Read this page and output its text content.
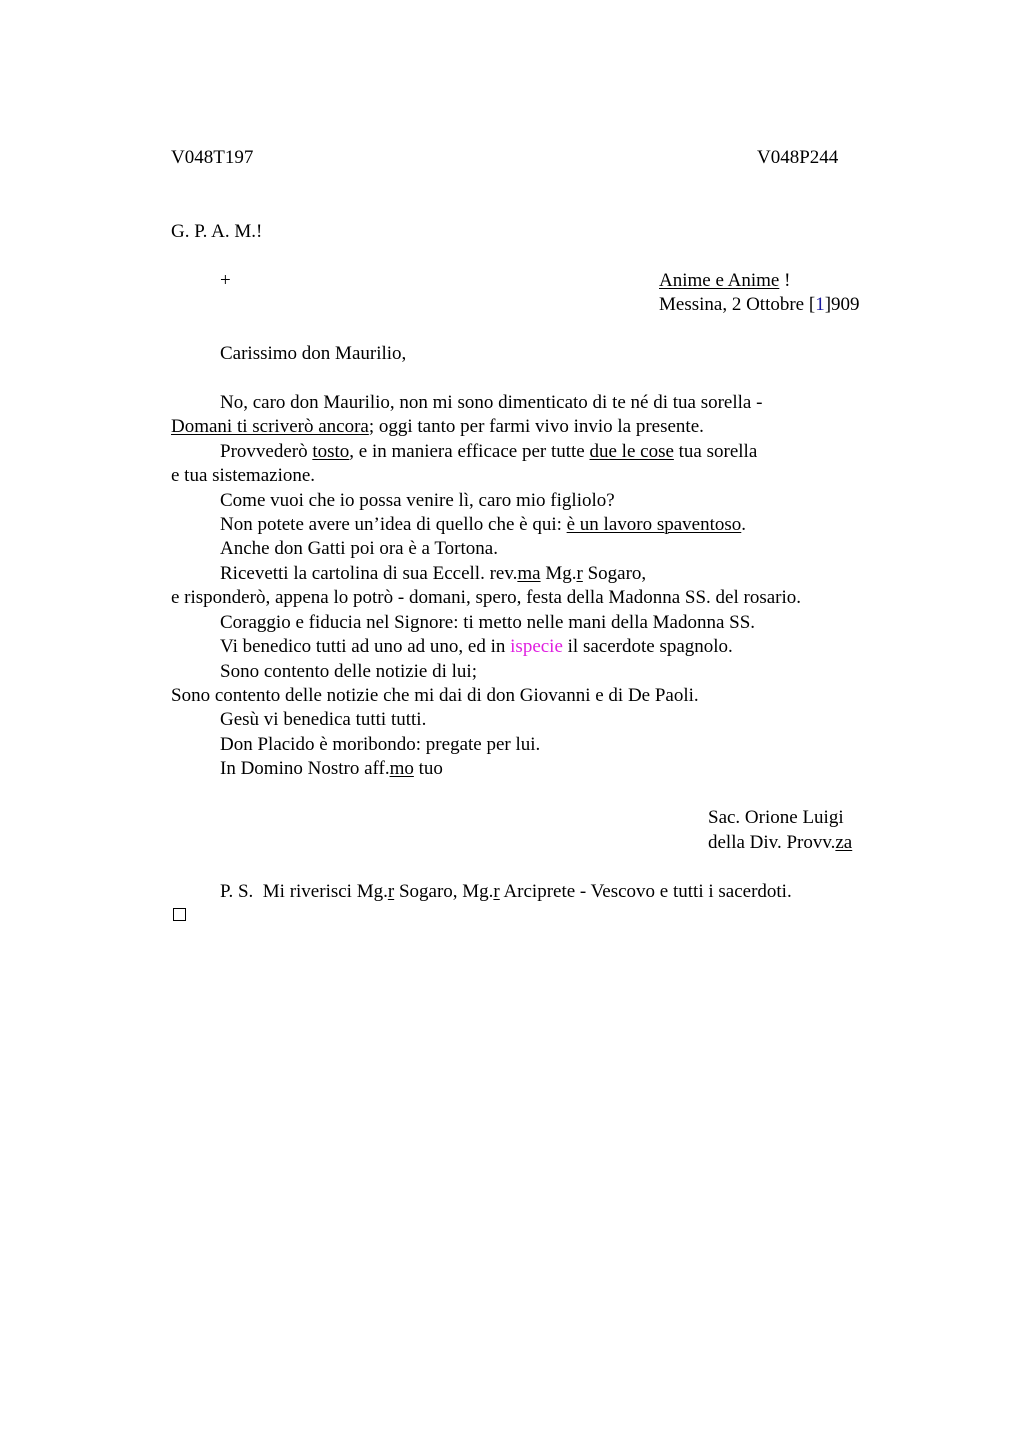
V048T197	V048P244
G. P. A. M.!
+	Anime e Anime !
Messina, 2 Ottobre [1]909
Carissimo don Maurilio,
No, caro don Maurilio, non mi sono dimenticato di te né di tua sorella -
Domani ti scriverò ancora; oggi tanto per farmi vivo invio la presente.
Provvederò tosto, e in maniera efficace per tutte due le cose tua sorella
e tua sistemazione.
Come vuoi che io possa venire lì, caro mio figliolo?
Non potete avere un’idea di quello che è qui: è un lavoro spaventoso.
Anche don Gatti poi ora è a Tortona.
Ricevetti la cartolina di sua Eccell. rev.ma Mg.r Sogaro,
e risponderò, appena lo potrò - domani, spero, festa della Madonna SS. del rosario.
Coraggio e fiducia nel Signore: ti metto nelle mani della Madonna SS.
Vi benedico tutti ad uno ad uno, ed in ispecie il sacerdote spagnolo.
Sono contento delle notizie di lui;
Sono contento delle notizie che mi dai di don Giovanni e di De Paoli.
Gesù vi benedica tutti tutti.
Don Placido è moribondo: pregate per lui.
In Domino Nostro aff.mo tuo
Sac. Orione Luigi
della Div. Provv.za
P. S.  Mi riverisci Mg.r Sogaro, Mg.r Arciprete - Vescovo e tutti i sacerdoti.
